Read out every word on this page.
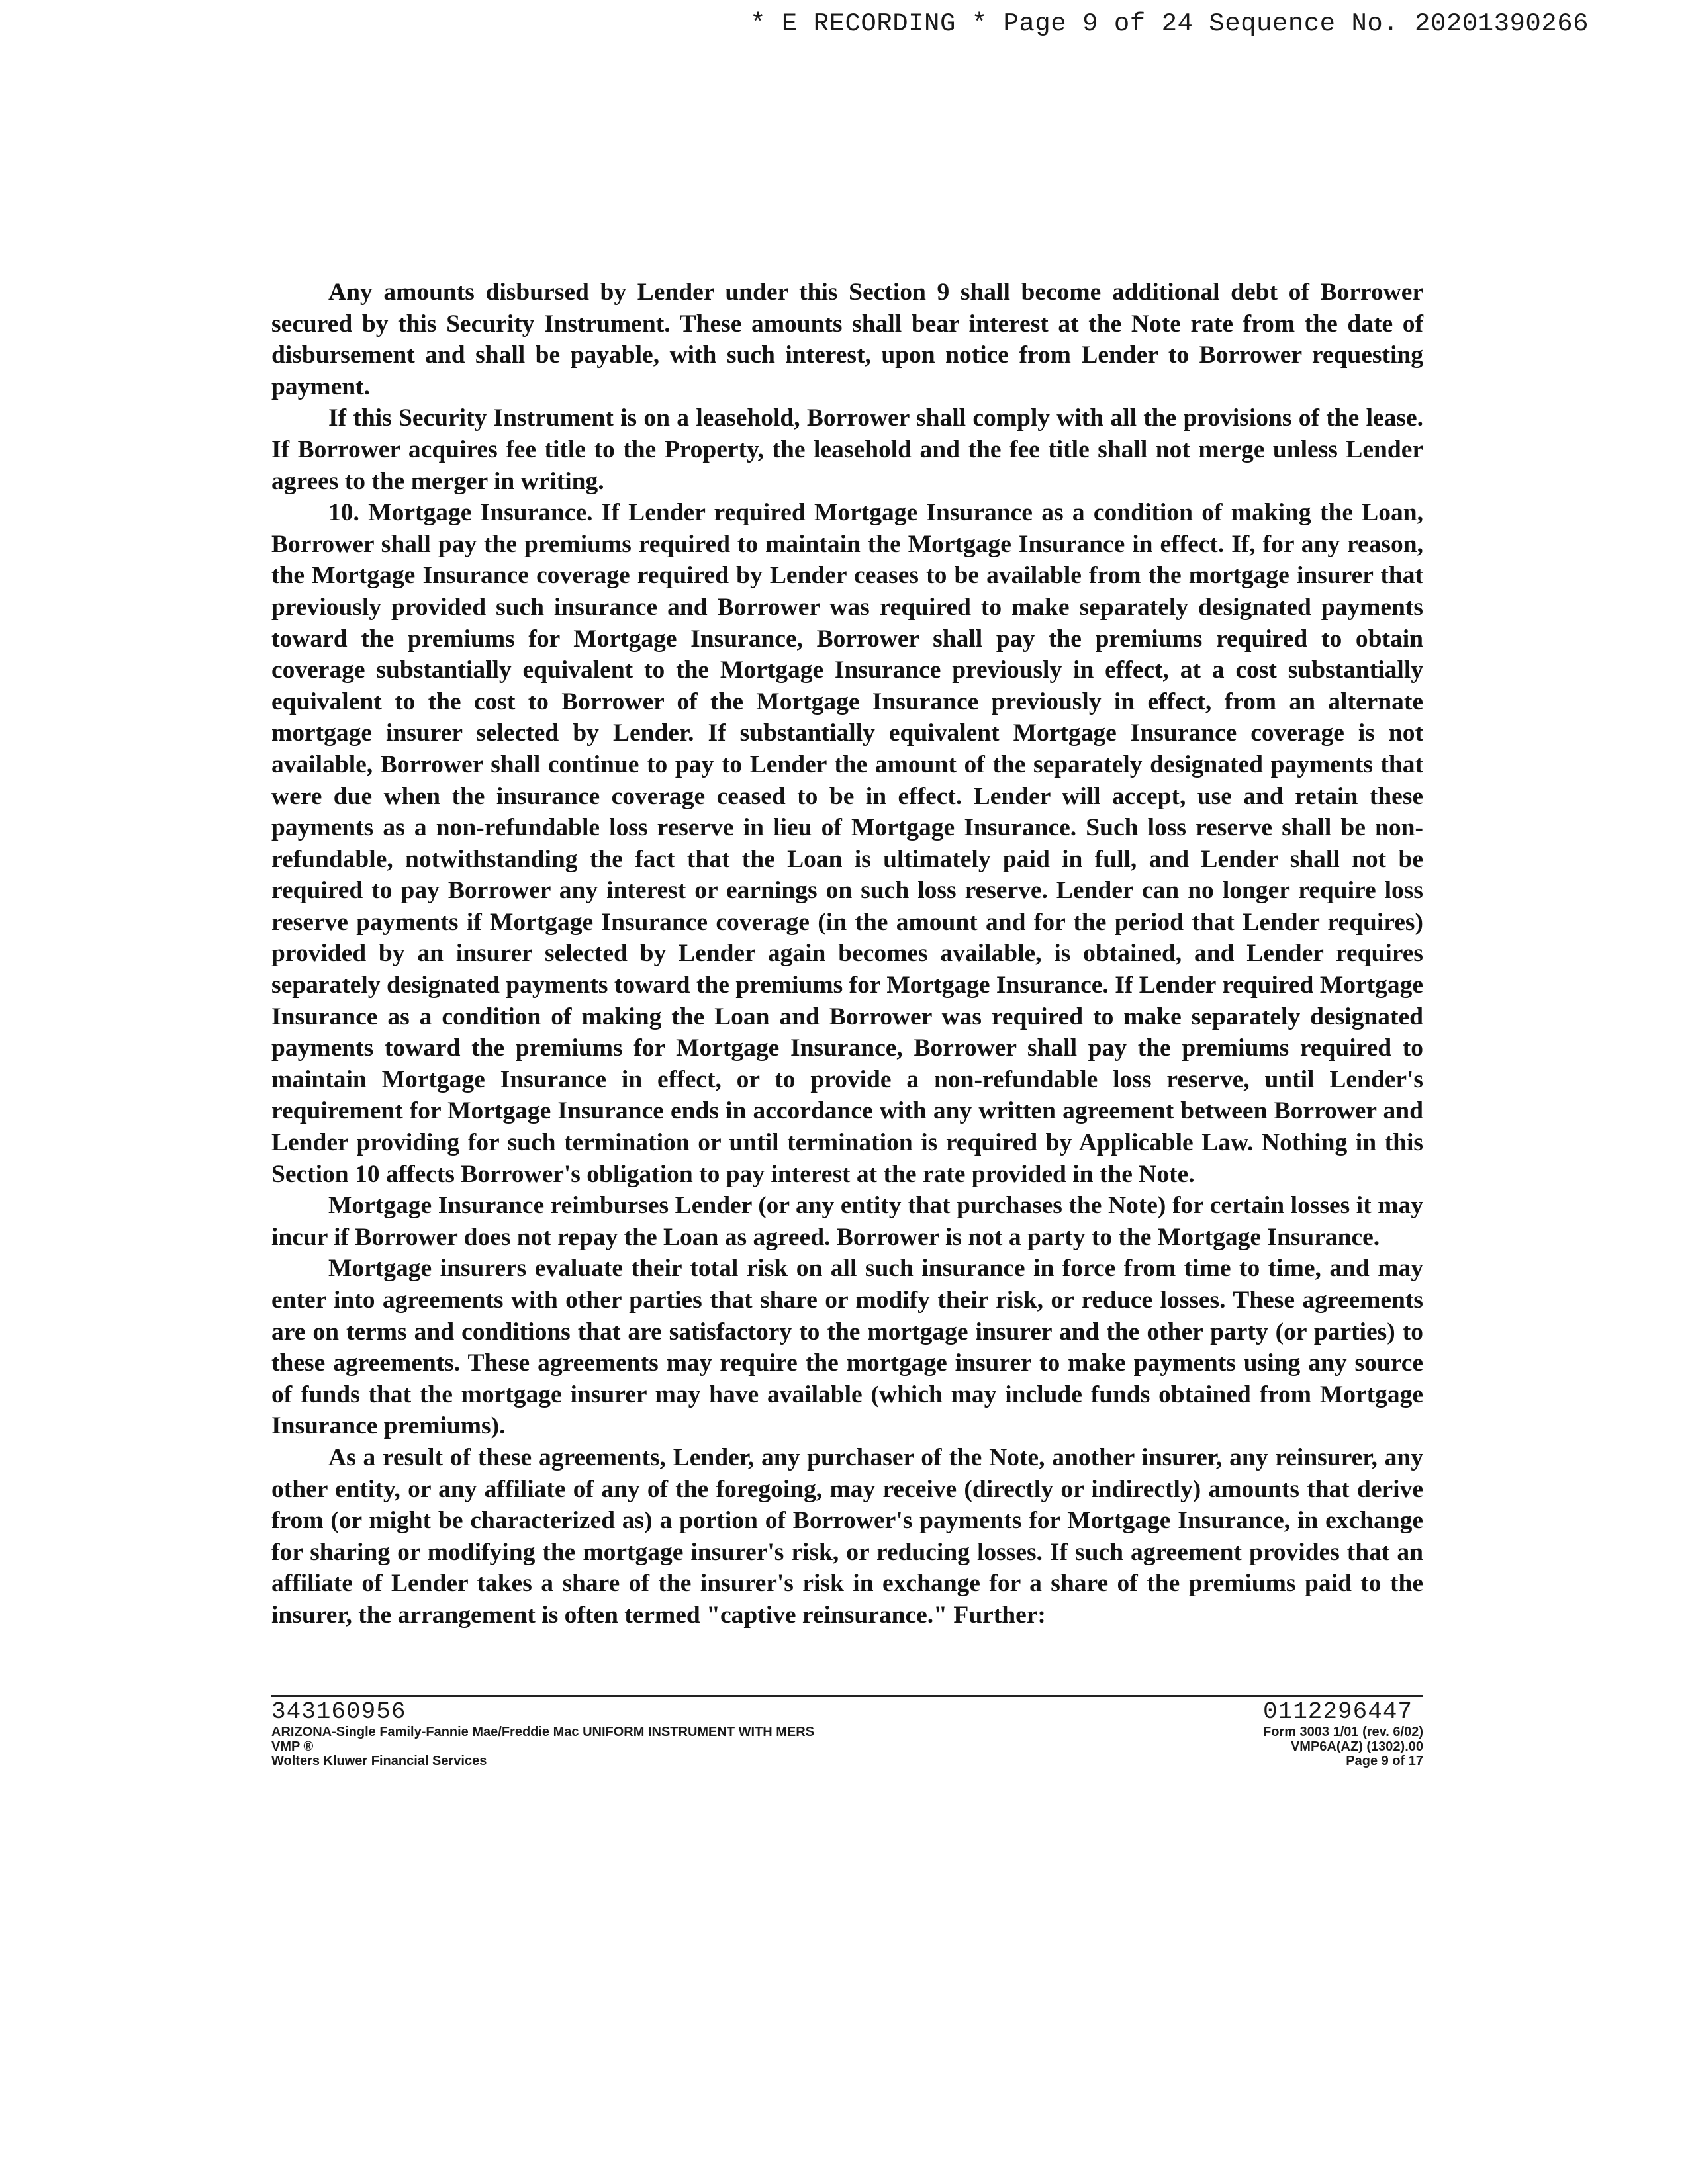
* E RECORDING * Page 9 of 24 Sequence No. 20201390266

Any amounts disbursed by Lender under this Section 9 shall become additional debt of Borrower secured by this Security Instrument. These amounts shall bear interest at the Note rate from the date of disbursement and shall be payable, with such interest, upon notice from Lender to Borrower requesting payment.

If this Security Instrument is on a leasehold, Borrower shall comply with all the provisions of the lease. If Borrower acquires fee title to the Property, the leasehold and the fee title shall not merge unless Lender agrees to the merger in writing.

10. Mortgage Insurance. If Lender required Mortgage Insurance as a condition of making the Loan, Borrower shall pay the premiums required to maintain the Mortgage Insurance in effect. If, for any reason, the Mortgage Insurance coverage required by Lender ceases to be available from the mortgage insurer that previously provided such insurance and Borrower was required to make separately designated payments toward the premiums for Mortgage Insurance, Borrower shall pay the premiums required to obtain coverage substantially equivalent to the Mortgage Insurance previously in effect, at a cost substantially equivalent to the cost to Borrower of the Mortgage Insurance previously in effect, from an alternate mortgage insurer selected by Lender. If substantially equivalent Mortgage Insurance coverage is not available, Borrower shall continue to pay to Lender the amount of the separately designated payments that were due when the insurance coverage ceased to be in effect. Lender will accept, use and retain these payments as a non-refundable loss reserve in lieu of Mortgage Insurance. Such loss reserve shall be non-refundable, notwithstanding the fact that the Loan is ultimately paid in full, and Lender shall not be required to pay Borrower any interest or earnings on such loss reserve. Lender can no longer require loss reserve payments if Mortgage Insurance coverage (in the amount and for the period that Lender requires) provided by an insurer selected by Lender again becomes available, is obtained, and Lender requires separately designated payments toward the premiums for Mortgage Insurance. If Lender required Mortgage Insurance as a condition of making the Loan and Borrower was required to make separately designated payments toward the premiums for Mortgage Insurance, Borrower shall pay the premiums required to maintain Mortgage Insurance in effect, or to provide a non-refundable loss reserve, until Lender's requirement for Mortgage Insurance ends in accordance with any written agreement between Borrower and Lender providing for such termination or until termination is required by Applicable Law. Nothing in this Section 10 affects Borrower's obligation to pay interest at the rate provided in the Note.

Mortgage Insurance reimburses Lender (or any entity that purchases the Note) for certain losses it may incur if Borrower does not repay the Loan as agreed. Borrower is not a party to the Mortgage Insurance.

Mortgage insurers evaluate their total risk on all such insurance in force from time to time, and may enter into agreements with other parties that share or modify their risk, or reduce losses. These agreements are on terms and conditions that are satisfactory to the mortgage insurer and the other party (or parties) to these agreements. These agreements may require the mortgage insurer to make payments using any source of funds that the mortgage insurer may have available (which may include funds obtained from Mortgage Insurance premiums).

As a result of these agreements, Lender, any purchaser of the Note, another insurer, any reinsurer, any other entity, or any affiliate of any of the foregoing, may receive (directly or indirectly) amounts that derive from (or might be characterized as) a portion of Borrower's payments for Mortgage Insurance, in exchange for sharing or modifying the mortgage insurer's risk, or reducing losses. If such agreement provides that an affiliate of Lender takes a share of the insurer's risk in exchange for a share of the premiums paid to the insurer, the arrangement is often termed "captive reinsurance." Further:

343160956
ARIZONA-Single Family-Fannie Mae/Freddie Mac UNIFORM INSTRUMENT WITH MERS
VMP ®
Wolters Kluwer Financial Services
0112296447
Form 3003 1/01 (rev. 6/02)
VMP6A(AZ) (1302).00
Page 9 of 17
